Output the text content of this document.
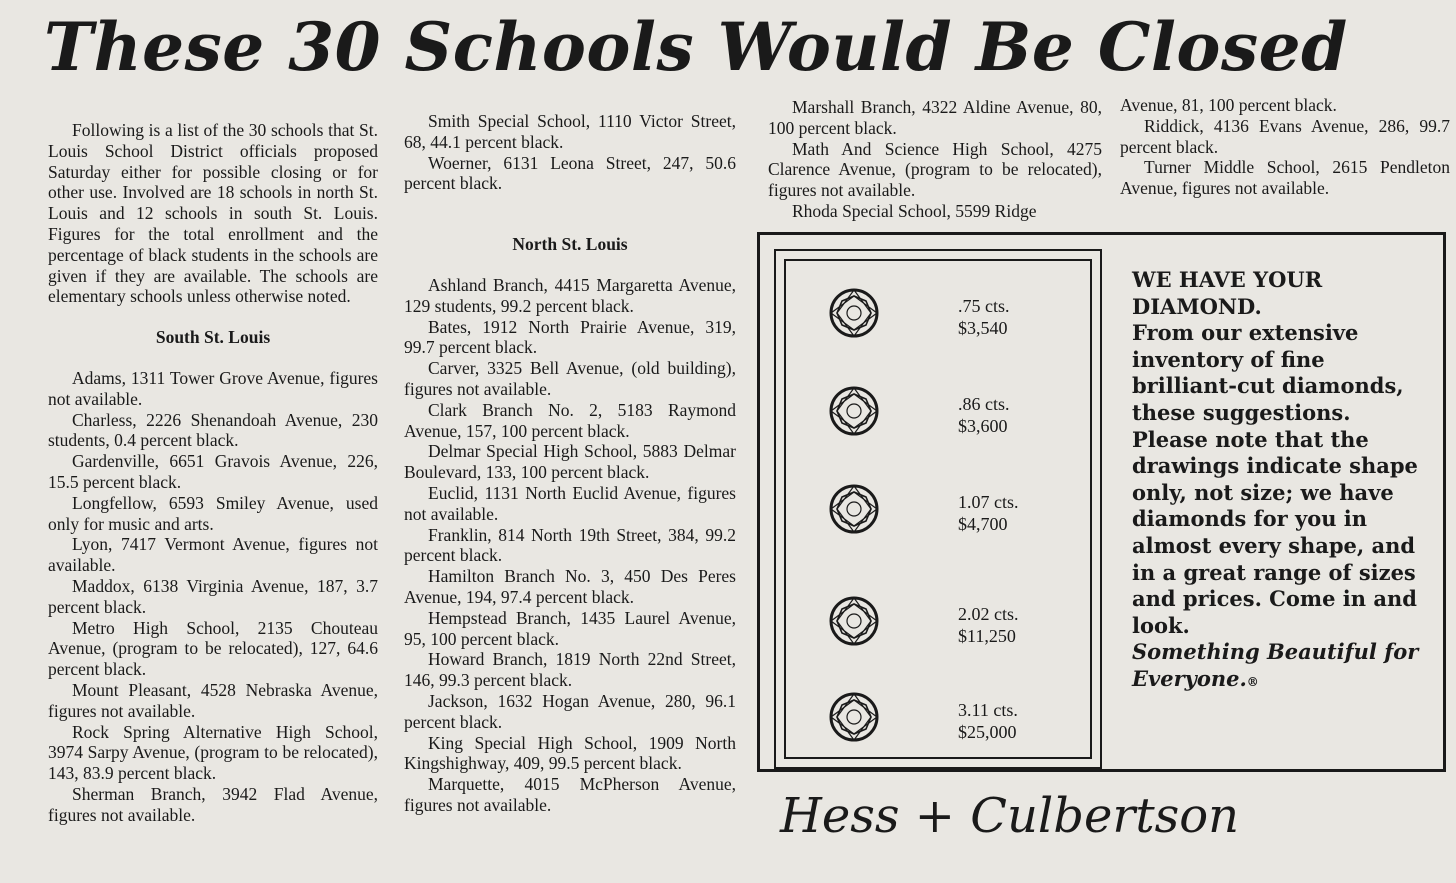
These 30 Schools Would Be Closed

Following is a list of the 30 schools that St. Louis School District officials proposed Saturday either for possible closing or for other use. Involved are 18 schools in north St. Louis and 12 schools in south St. Louis. Figures for the total enrollment and the percentage of black students in the schools are given if they are available. The schools are elementary schools unless otherwise noted.

South St. Louis

Adams, 1311 Tower Grove Avenue, figures not available.

Charless, 2226 Shenandoah Avenue, 230 students, 0.4 percent black.

Gardenville, 6651 Gravois Avenue, 226, 15.5 percent black.

Longfellow, 6593 Smiley Avenue, used only for music and arts.

Lyon, 7417 Vermont Avenue, figures not available.

Maddox, 6138 Virginia Avenue, 187, 3.7 percent black.

Metro High School, 2135 Chouteau Avenue, (program to be relocated), 127, 64.6 percent black.

Mount Pleasant, 4528 Nebraska Avenue, figures not available.

Rock Spring Alternative High School, 3974 Sarpy Avenue, (program to be relocated), 143, 83.9 percent black.

Sherman Branch, 3942 Flad Avenue, figures not available.

Smith Special School, 1110 Victor Street, 68, 44.1 percent black.

Woerner, 6131 Leona Street, 247, 50.6 percent black.

North St. Louis

Ashland Branch, 4415 Margaretta Avenue, 129 students, 99.2 percent black.

Bates, 1912 North Prairie Avenue, 319, 99.7 percent black.

Carver, 3325 Bell Avenue, (old building), figures not available.

Clark Branch No. 2, 5183 Raymond Avenue, 157, 100 percent black.

Delmar Special High School, 5883 Delmar Boulevard, 133, 100 percent black.

Euclid, 1131 North Euclid Avenue, figures not available.

Franklin, 814 North 19th Street, 384, 99.2 percent black.

Hamilton Branch No. 3, 450 Des Peres Avenue, 194, 97.4 percent black.

Hempstead Branch, 1435 Laurel Avenue, 95, 100 percent black.

Howard Branch, 1819 North 22nd Street, 146, 99.3 percent black.

Jackson, 1632 Hogan Avenue, 280, 96.1 percent black.

King Special High School, 1909 North Kingshighway, 409, 99.5 percent black.

Marquette, 4015 McPherson Avenue, figures not available.

Marshall Branch, 4322 Aldine Avenue, 80, 100 percent black.

Math And Science High School, 4275 Clarence Avenue, (program to be relocated), figures not available.

Rhoda Special School, 5599 Ridge

Avenue, 81, 100 percent black.

Riddick, 4136 Evans Avenue, 286, 99.7 percent black.

Turner Middle School, 2615 Pendleton Avenue, figures not available.

.75 cts.
$3,540
.86 cts.
$3,600
1.07 cts.
$4,700
2.02 cts.
$11,250
3.11 cts.
$25,000
WE HAVE YOUR DIAMOND.
From our extensive inventory of fine brilliant-cut diamonds, these suggestions. Please note that the drawings indicate shape only, not size; we have diamonds for you in almost every shape, and in a great range of sizes and prices. Come in and look.
Something Beautiful for Everyone.®
Hess + Culbertson
